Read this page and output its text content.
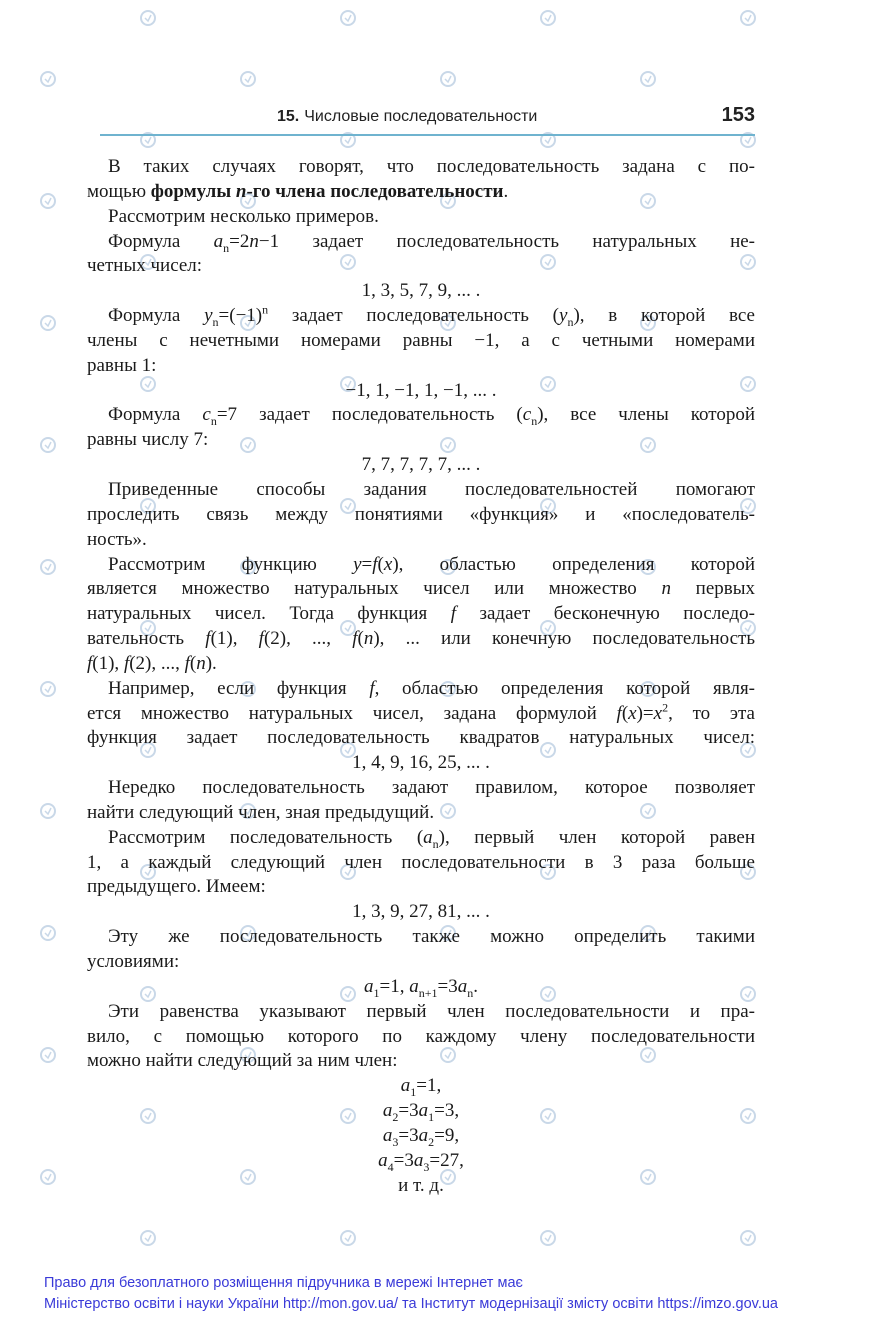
15. Числовые последовательности	153
В таких случаях говорят, что последовательность задана с по-
мощью формулы n-го члена последовательности.
Рассмотрим несколько примеров.
Формула $a_n=2n-1$ задает последовательность натуральных не-
четных чисел:
1, 3, 5, 7, 9, ... .
Формула $y_n=(-1)^n$ задает последовательность $(y_n)$, в которой все
члены с нечетными номерами равны −1, а с четными номерами
равны 1:
−1, 1, −1, 1, −1, ... .
Формула $c_n=7$ задает последовательность $(c_n)$, все члены которой
равны числу 7:
7, 7, 7, 7, 7, ... .
Приведенные способы задания последовательностей помогают
проследить связь между понятиями «функция» и «последователь-
ность».
Рассмотрим функцию y=f(x), областью определения которой
является множество натуральных чисел или множество n первых
натуральных чисел. Тогда функция f задает бесконечную последо-
вательность f(1), f(2), ..., f(n), ... или конечную последовательность
f(1), f(2), ..., f(n).
Например, если функция f, областью определения которой явля-
ется множество натуральных чисел, задана формулой $f(x)=x^2$, то эта
функция задает последовательность квадратов натуральных чисел:
1, 4, 9, 16, 25, ... .
Нередко последовательность задают правилом, которое позволяет
найти следующий член, зная предыдущий.
Рассмотрим последовательность $(a_n)$, первый член которой равен
1, а каждый следующий член последовательности в 3 раза больше
предыдущего. Имеем:
1, 3, 9, 27, 81, ... .
Эту же последовательность также можно определить такими
условиями:
$a_1=1$, $a_{n+1}=3a_n$.
Эти равенства указывают первый член последовательности и пра-
вило, с помощью которого по каждому члену последовательности
можно найти следующий за ним член:
$a_1=1$,
$a_2=3a_1=3$,
$a_3=3a_2=9$,
$a_4=3a_3=27$,
и т. д.
Право для безоплатного розміщення підручника в мережі Інтернет має
Міністерство освіти і науки України http://mon.gov.ua/ та Інститут модернізації змісту освіти https://imzo.gov.ua
